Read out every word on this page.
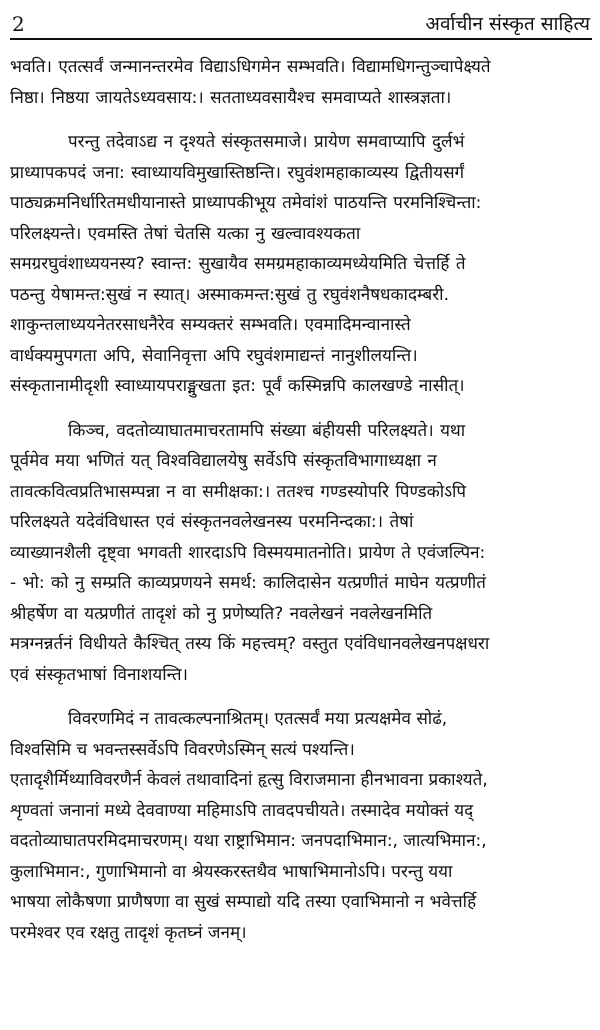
2	अर्वाचीन संस्कृत साहित्य

भवति। एतत्सर्वं जन्मानन्तरमेव विद्याऽधिगमेन सम्भवति। विद्यामधिगन्तुञ्चापेक्ष्यते
निष्ठा। निष्ठया जायतेऽध्यवसाय:। सतताध्यवसायैश्च समवाप्यते शास्त्रज्ञता।

परन्तु तदेवाऽद्य न दृश्यते संस्कृतसमाजे। प्रायेण समवाप्यापि दुर्लभं
प्राध्यापकपदं जना: स्वाध्यायविमुखास्तिष्ठन्ति। रघुवंशमहाकाव्यस्य द्वितीयसर्गं
पाठ्यक्रमनिर्धारितमधीयानास्ते प्राध्यापकीभूय तमेवांशं पाठयन्ति परमनिश्चिन्ता:
परिलक्ष्यन्ते। एवमस्ति तेषां चेतसि यत्का नु खल्वावश्यकता
समग्ररघुवंशाध्ययनस्य? स्वान्त: सुखायैव समग्रमहाकाव्यमध्येयमिति चेत्तर्हि ते
पठन्तु येषामन्त:सुखं न स्यात्। अस्माकमन्त:सुखं तु रघुवंशनैषधकादम्बरी.
शाकुन्तलाध्ययनेतरसाधनैरेव सम्यक्तरं सम्भवति। एवमादिमन्वानास्ते
वार्धक्यमुपगता अपि, सेवानिवृत्ता अपि रघुवंशमाद्यन्तं नानुशीलयन्ति।
संस्कृतानामीदृशी स्वाध्यायपराङ्मुखता इत: पूर्वं कस्मिन्नपि कालखण्डे नासीत्।

किञ्च, वदतोव्याघातमाचरतामपि संख्या बंहीयसी परिलक्ष्यते। यथा
पूर्वमेव मया भणितं यत् विश्वविद्यालयेषु सर्वेऽपि संस्कृतविभागाध्यक्षा न
तावत्कवित्वप्रतिभासम्पन्ना न वा समीक्षका:। ततश्च गण्डस्योपरि पिण्डकोऽपि
परिलक्ष्यते यदेवंविधास्त एवं संस्कृतनवलेखनस्य परमनिन्दका:। तेषां
व्याख्यानशैली दृष्ट्वा भगवती शारदाऽपि विस्मयमातनोति। प्रायेण ते एवंजल्पिन:
- भो: को नु सम्प्रति काव्यप्रणयने समर्थ: कालिदासेन यत्प्रणीतं माघेन यत्प्रणीतं
श्रीहर्षेण वा यत्प्रणीतं तादृशं को नु प्रणेष्यति? नवलेखनं नवलेखनमिति
मत्रग्नन्नर्तनं विधीयते कैश्चित् तस्य किं महत्त्वम्? वस्तुत एवंविधानवलेखनपक्षधरा
एवं संस्कृतभाषां विनाशयन्ति।

विवरणमिदं न तावत्कल्पनाश्रितम्। एतत्सर्वं मया प्रत्यक्षमेव सोढं,
विश्वसिमि च भवन्तस्सर्वेऽपि विवरणेऽस्मिन् सत्यं पश्यन्ति।
एतादृशैर्मिथ्याविवरणैर्न केवलं तथावादिनां हृत्सु विराजमाना हीनभावना प्रकाश्यते,
शृण्वतां जनानां मध्ये देववाण्या महिमाऽपि तावदपचीयते। तस्मादेव मयोक्तं यद्
वदतोव्याघातपरमिदमाचरणम्। यथा राष्ट्राभिमान: जनपदाभिमान:, जात्यभिमान:,
कुलाभिमान:, गुणाभिमानो वा श्रेयस्करस्तथैव भाषाभिमानोऽपि। परन्तु यया
भाषया लोकैषणा प्राणैषणा वा सुखं सम्पाद्यो यदि तस्या एवाभिमानो न भवेत्तर्हि
परमेश्वर एव रक्षतु तादृशं कृतघ्नं जनम्।
